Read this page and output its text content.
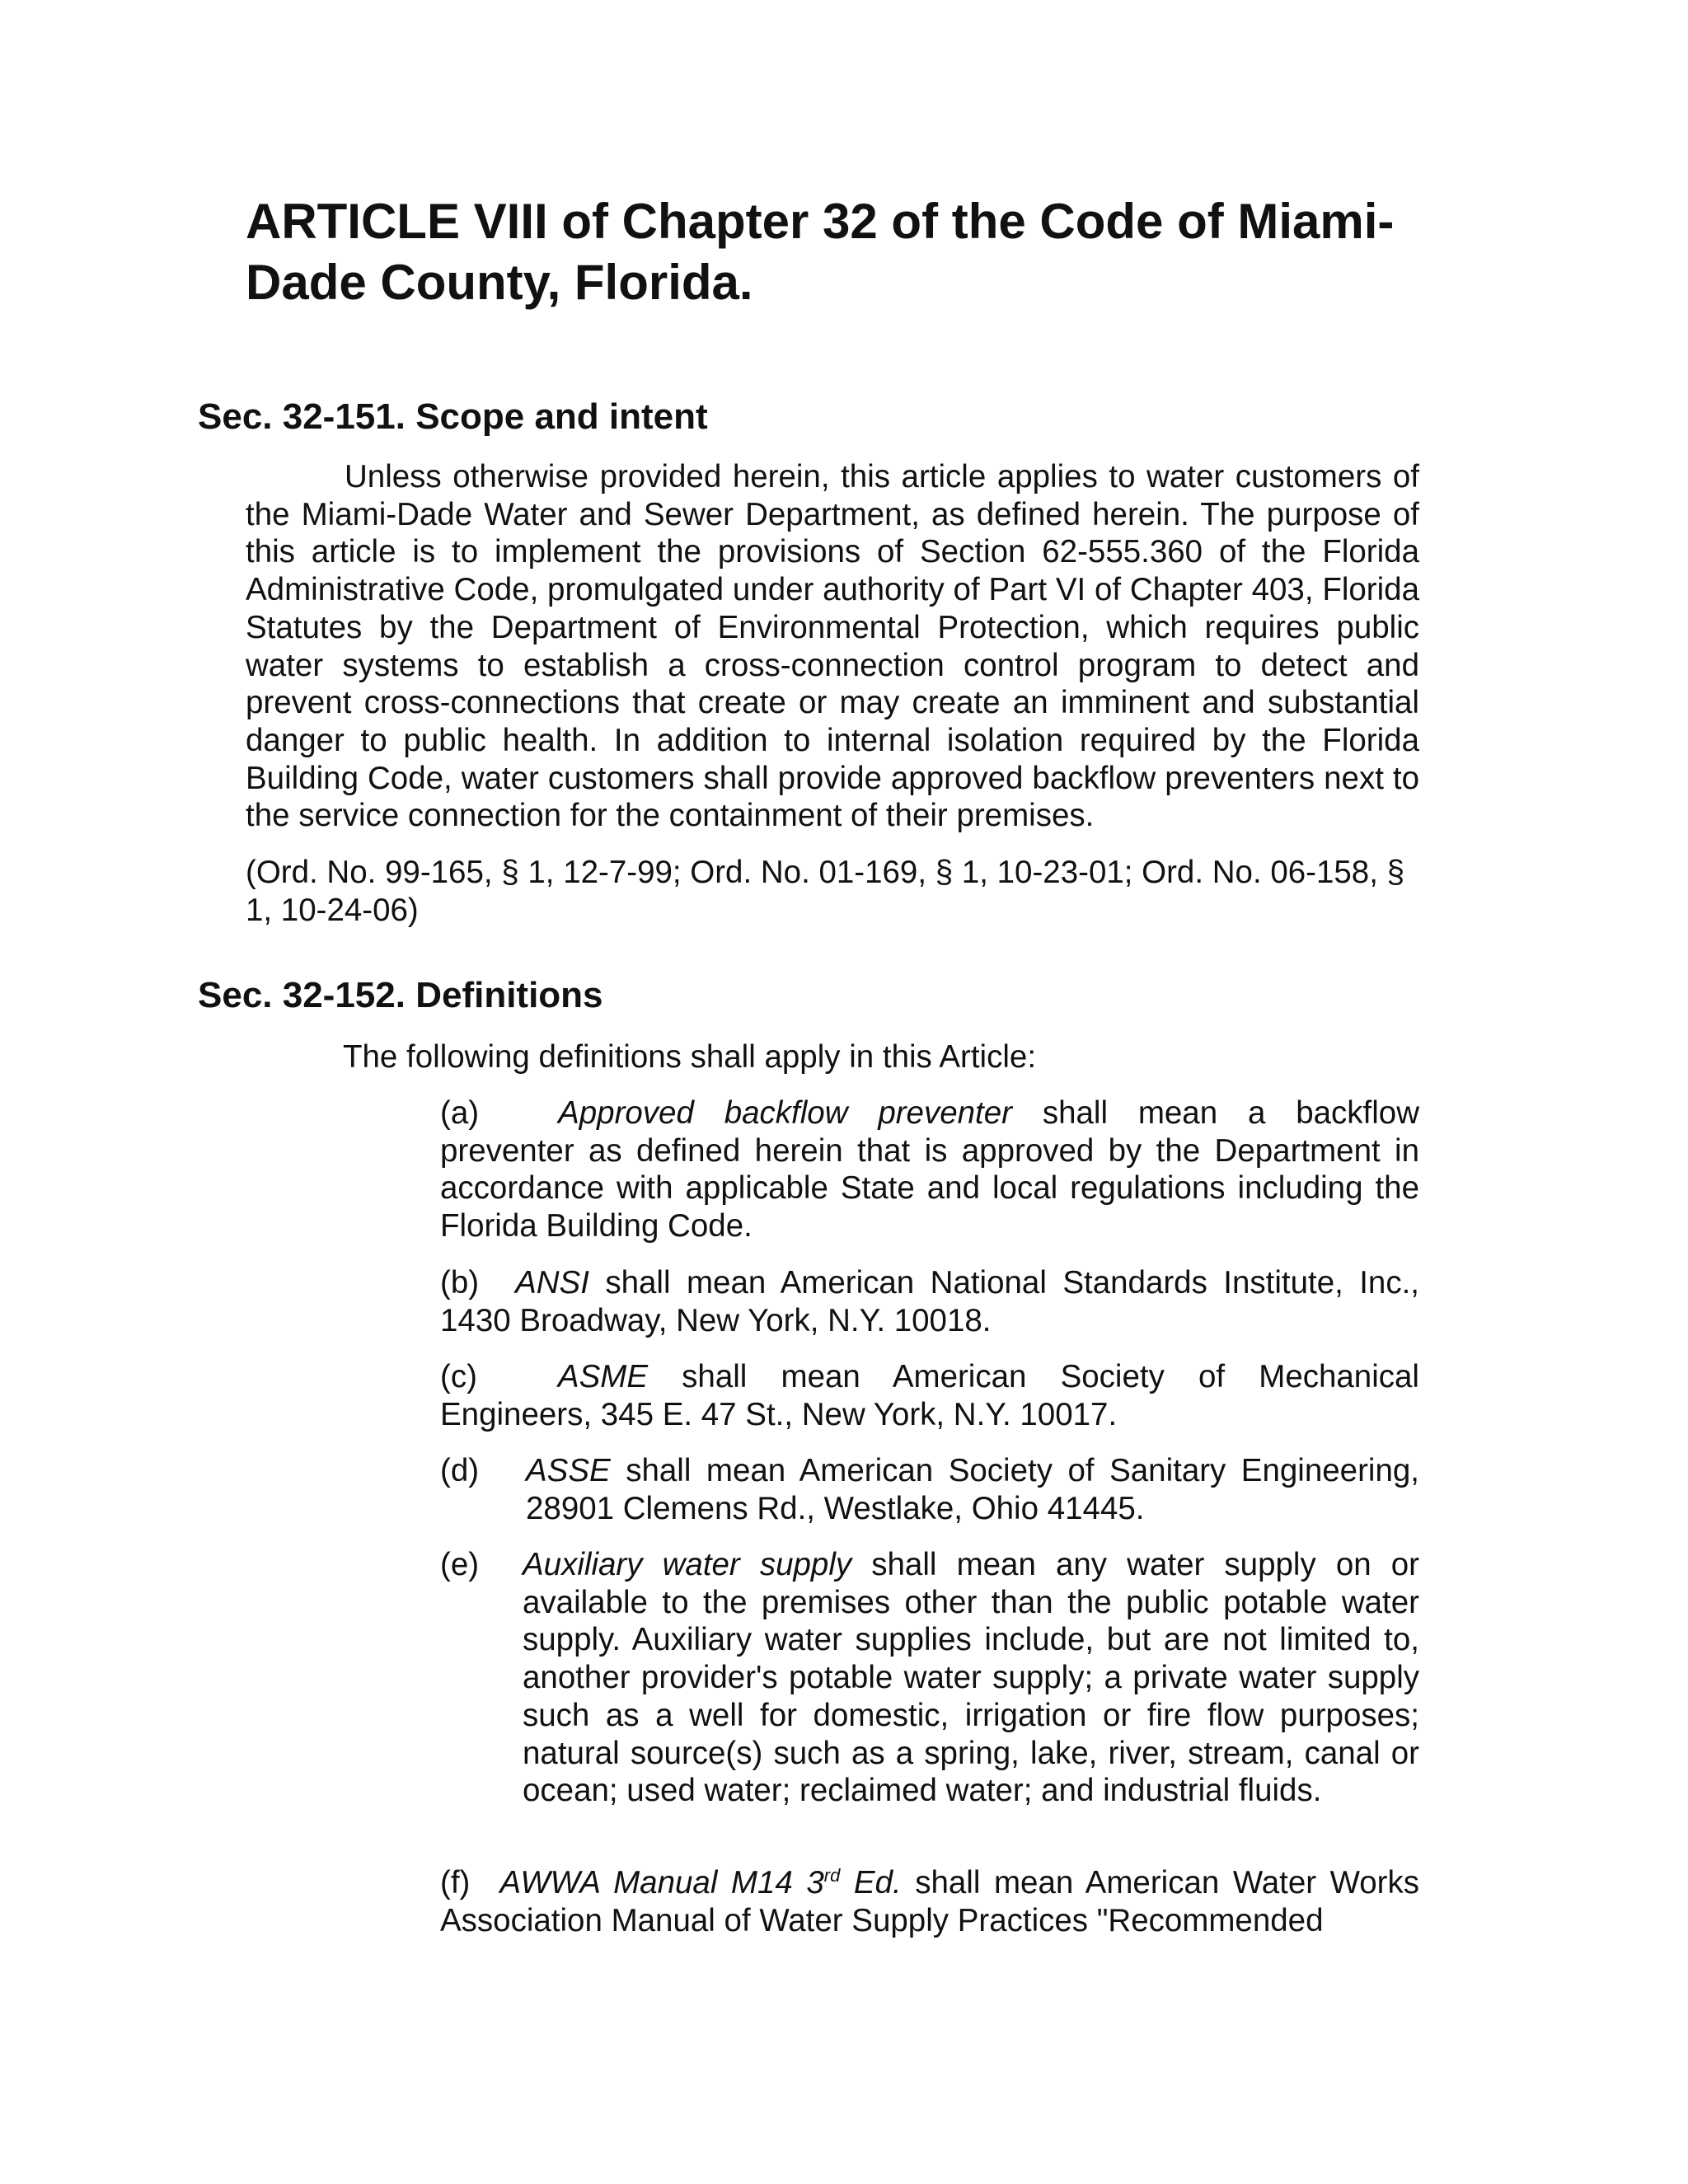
ARTICLE VIII of Chapter 32 of the Code of Miami-Dade County, Florida.
Sec. 32-151. Scope and intent

Unless otherwise provided herein, this article applies to water customers of the Miami-Dade Water and Sewer Department, as defined herein. The purpose of this article is to implement the provisions of Section 62-555.360 of the Florida Administrative Code, promulgated under authority of Part VI of Chapter 403, Florida Statutes by the Department of Environmental Protection, which requires public water systems to establish a cross-connection control program to detect and prevent cross-connections that create or may create an imminent and substantial danger to public health. In addition to internal isolation required by the Florida Building Code, water customers shall provide approved backflow preventers next to the service connection for the containment of their premises.

(Ord. No. 99-165, § 1, 12-7-99; Ord. No. 01-169, § 1, 10-23-01; Ord. No. 06-158, § 1, 10-24-06)

Sec. 32-152. Definitions

The following definitions shall apply in this Article:

(a) Approved backflow preventer shall mean a backflow preventer as defined herein that is approved by the Department in accordance with applicable State and local regulations including the Florida Building Code.

(b) ANSI shall mean American National Standards Institute, Inc., 1430 Broadway, New York, N.Y. 10018.

(c)	ASME shall mean American Society of Mechanical Engineers, 345 E. 47 St., New York, N.Y. 10017.

(d)	ASSE shall mean American Society of Sanitary Engineering, 28901 Clemens Rd., Westlake, Ohio 41445.
(e)	Auxiliary water supply shall mean any water supply on or available to the premises other than the public potable water supply. Auxiliary water supplies include, but are not limited to, another provider's potable water supply; a private water supply such as a well for domestic, irrigation or fire flow purposes; natural source(s) such as a spring, lake, river, stream, canal or ocean; used water; reclaimed water; and industrial fluids.

(f) AWWA Manual M14 3rd Ed. shall mean American Water Works Association Manual of Water Supply Practices "Recommended
